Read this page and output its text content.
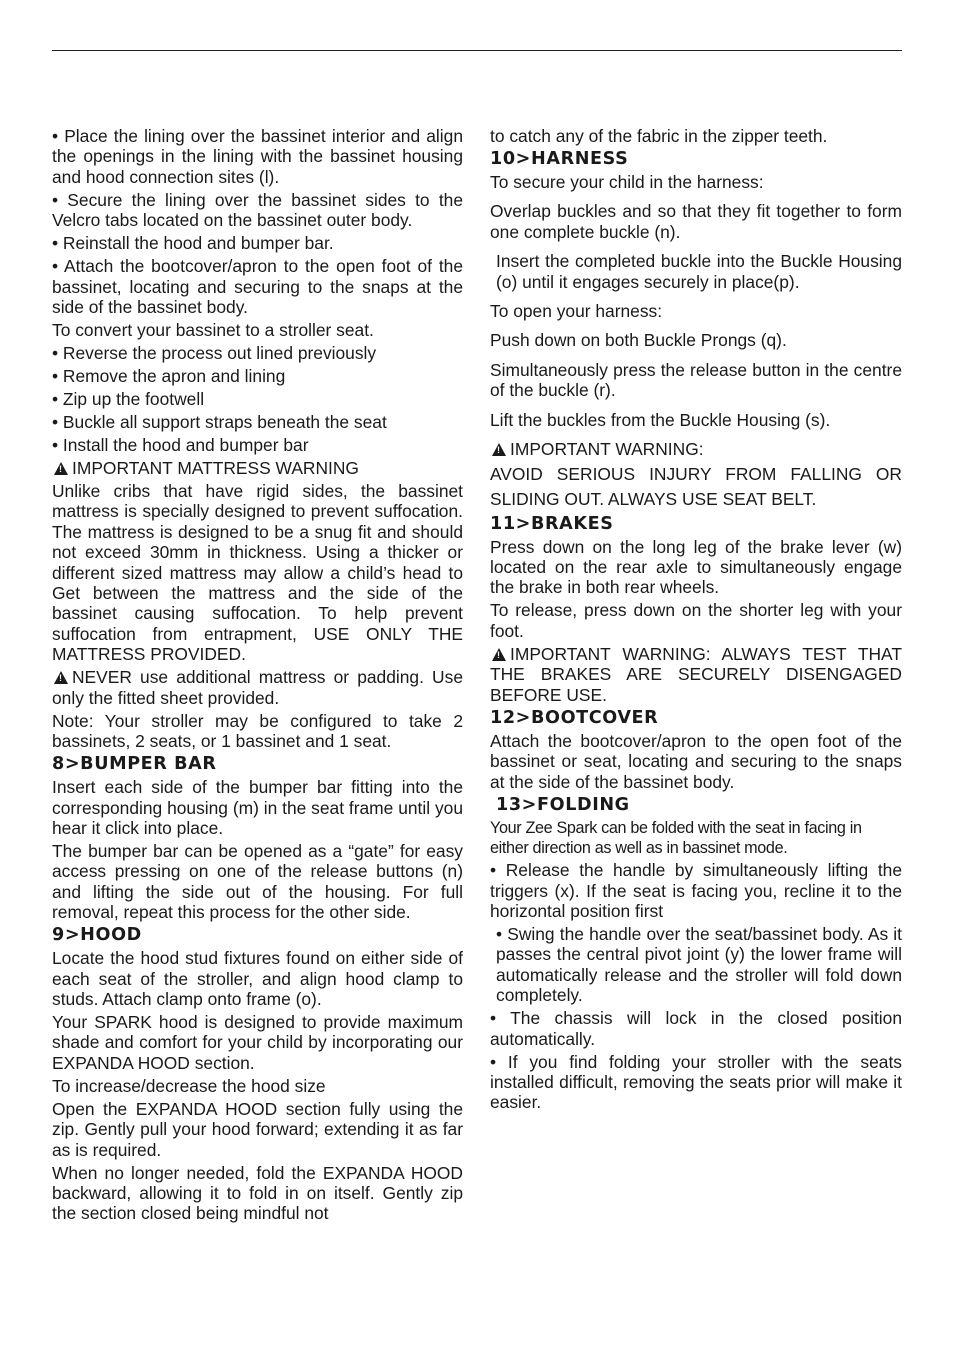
• Place the lining over the bassinet interior and align the openings in the lining with the bassinet housing and hood connection sites (l).

• Secure the lining over the bassinet sides to the Velcro tabs located on the bassinet outer body.

• Reinstall the hood and bumper bar.

• Attach the bootcover/apron to the open foot of the bassinet, locating and securing to the snaps at the side of the bassinet body.

To convert your bassinet to a stroller seat.

• Reverse the process out lined previously

• Remove the apron and lining

• Zip up the footwell

• Buckle all support straps beneath the seat

• Install the hood and bumper bar

!IMPORTANT MATTRESS WARNING

Unlike cribs that have rigid sides, the bassinet mattress is specially designed to prevent suffocation. The mattress is designed to be a snug fit and should not exceed 30mm in thickness. Using a thicker or different sized mattress may allow a child’s head to Get between the mattress and the side of the bassinet causing suffocation. To help prevent suffocation from entrapment, USE ONLY THE MATTRESS PROVIDED.

!NEVER use additional mattress or padding. Use only the fitted sheet provided.

Note: Your stroller may be configured to take 2 bassinets, 2 seats, or 1 bassinet and 1 seat.

8>BUMPER BAR

Insert each side of the bumper bar fitting into the corresponding housing (m) in the seat frame until you hear it click into place.

The bumper bar can be opened as a “gate” for easy access pressing on one of the release buttons (n) and lifting the side out of the housing. For full removal, repeat this process for the other side.

9>HOOD

Locate the hood stud fixtures found on either side of each seat of the stroller, and align hood clamp to studs. Attach clamp onto frame (o).

Your SPARK hood is designed to provide maximum shade and comfort for your child by incorporating our EXPANDA HOOD section.

To increase/decrease the hood size

Open the EXPANDA HOOD section fully using the zip. Gently pull your hood forward; extending it as far as is required.

When no longer needed, fold the EXPANDA HOOD backward, allowing it to fold in on itself. Gently zip the section closed being mindful not

to catch any of the fabric in the zipper teeth.

10>HARNESS

To secure your child in the harness:

Overlap buckles and so that they fit together to form one complete buckle (n).

Insert the completed buckle into the Buckle Housing (o) until it engages securely in place(p).

To open your harness:

Push down on both Buckle Prongs (q).

Simultaneously press the release button in the centre of the buckle (r).

Lift the buckles from the Buckle Housing (s).

!IMPORTANT WARNING:

AVOID SERIOUS INJURY FROM FALLING OR SLIDING OUT. ALWAYS USE SEAT BELT.

11>BRAKES

Press down on the long leg of the brake lever (w) located on the rear axle to simultaneously engage the brake in both rear wheels.

To release, press down on the shorter leg with your foot.

!IMPORTANT WARNING: ALWAYS TEST THAT THE BRAKES ARE SECURELY DISENGAGED BEFORE USE.

12>BOOTCOVER

Attach the bootcover/apron to the open foot of the bassinet or seat, locating and securing to the snaps at the side of the bassinet body.

13>FOLDING

Your Zee Spark can be folded with the seat in facing in either direction as well as in bassinet mode.

• Release the handle by simultaneously lifting the triggers (x). If the seat is facing you, recline it to the horizontal position first

• Swing the handle over the seat/bassinet body. As it passes the central pivot joint (y) the lower frame will automatically release and the stroller will fold down completely.

• The chassis will lock in the closed position automatically.

• If you find folding your stroller with the seats installed difficult, removing the seats prior will make it easier.
